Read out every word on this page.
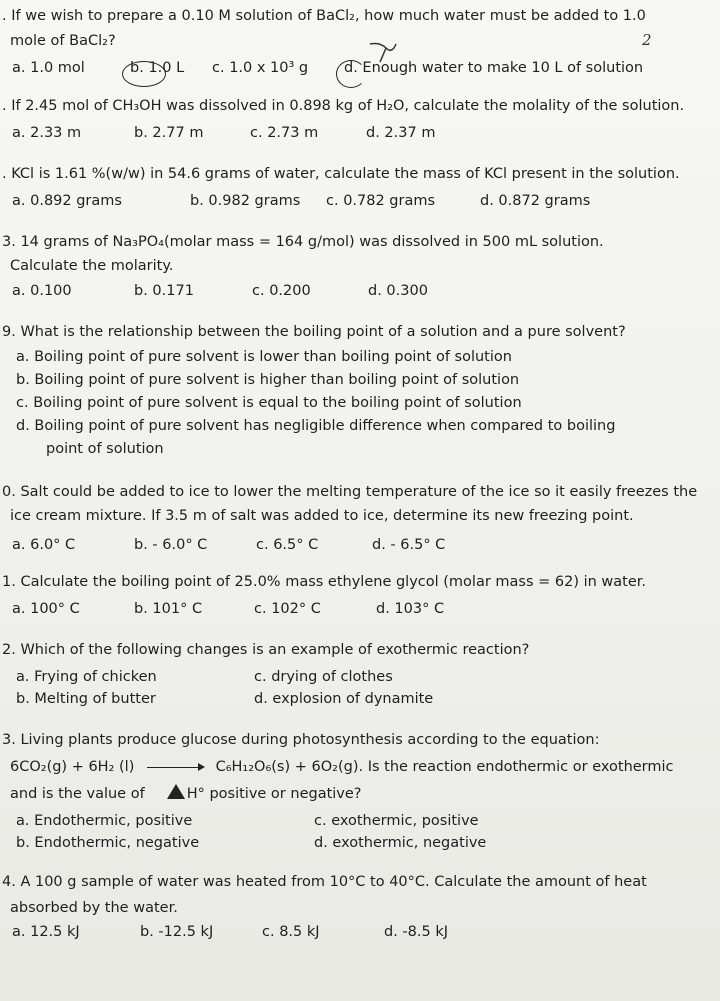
. If we wish to prepare a 0.10 M solution of BaCl₂, how much water must be added to 1.0

mole of BaCl₂?

a. 1.0 mol	b. 1.0 L c. 1.0 x 10³ g d. Enough water to make 10 L of solution
2

. If 2.45 mol of CH₃OH was dissolved in 0.898 kg of H₂O, calculate the molality of the solution.

a. 2.33 m	b. 2.77 m	c. 2.73 m	d. 2.37 m

. KCl is 1.61 %(w/w) in 54.6 grams of water, calculate the mass of KCl present in the solution.

a. 0.892 grams	b. 0.982 grams c. 0.782 grams	d. 0.872 grams

3. 14 grams of Na₃PO₄(molar mass = 164 g/mol) was dissolved in 500 mL solution.

Calculate the molarity.

a. 0.100	b. 0.171	c. 0.200	d. 0.300

9. What is the relationship between the boiling point of a solution and a pure solvent?

a. Boiling point of pure solvent is lower than boiling point of solution

b. Boiling point of pure solvent is higher than boiling point of solution

c. Boiling point of pure solvent is equal to the boiling point of solution

d. Boiling point of pure solvent has negligible difference when compared to boiling

point of solution

0. Salt could be added to ice to lower the melting temperature of the ice so it easily freezes the

ice cream mixture. If 3.5 m of salt was added to ice, determine its new freezing point.

a. 6.0° C	b. - 6.0° C	c. 6.5° C	d. - 6.5° C

1. Calculate the boiling point of 25.0% mass ethylene glycol (molar mass = 62) in water.

a. 100° C	b. 101° C	c. 102° C	d. 103° C

2. Which of the following changes is an example of exothermic reaction?

a. Frying of chicken	c. drying of clothes
b. Melting of butter	d. explosion of dynamite

3. Living plants produce glucose during photosynthesis according to the equation:

6CO₂(g) + 6H₂ (l) → C₆H₁₂O₆(s) + 6O₂(g). Is the reaction endothermic or exothermic

and is the value of	H° positive or negative?

a. Endothermic, positive	c. exothermic, positive
b. Endothermic, negative	d. exothermic, negative

4. A 100 g sample of water was heated from 10°C to 40°C. Calculate the amount of heat

absorbed by the water.

a. 12.5 kJ	b. -12.5 kJ	c. 8.5 kJ	d. -8.5 kJ
